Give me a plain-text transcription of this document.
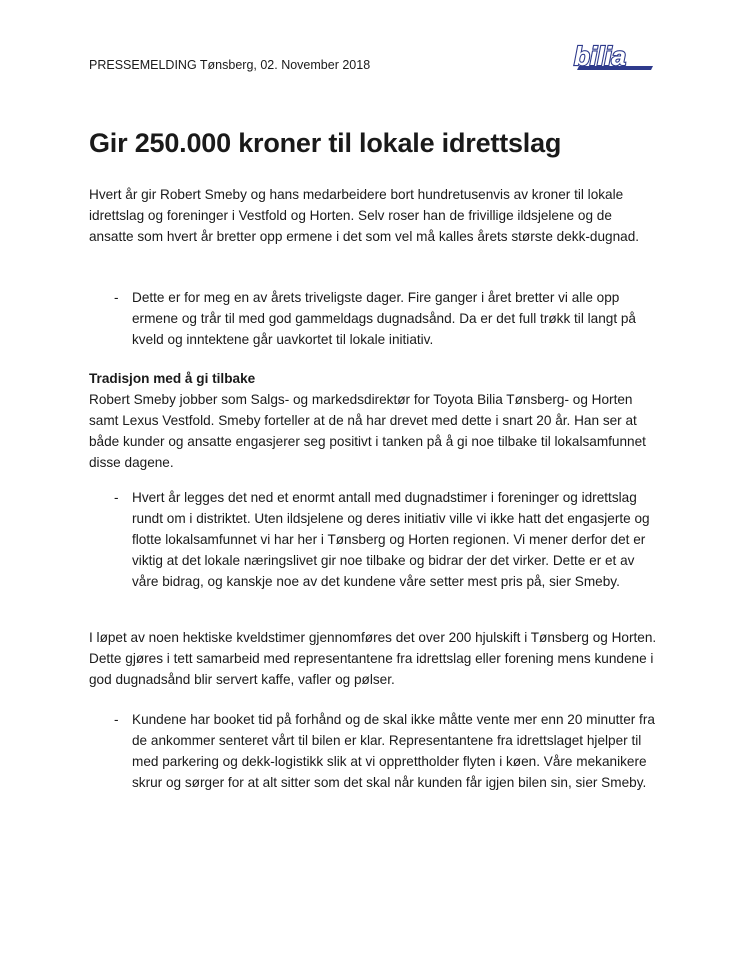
PRESSEMELDING Tønsberg, 02. November 2018	bilia
Gir 250.000 kroner til lokale idrettslag

Hvert år gir Robert Smeby og hans medarbeidere bort hundretusenvis av kroner til lokale idrettslag og foreninger i Vestfold og Horten. Selv roser han de frivillige ildsjelene og de ansatte som hvert år bretter opp ermene i det som vel må kalles årets største dekk-dugnad.

- Dette er for meg en av årets triveligste dager. Fire ganger i året bretter vi alle opp ermene og trår til med god gammeldags dugnadsånd. Da er det full trøkk til langt på kveld og inntektene går uavkortet til lokale initiativ.
Tradisjon med å gi tilbake

Robert Smeby jobber som Salgs- og markedsdirektør for Toyota Bilia Tønsberg- og Horten samt Lexus Vestfold. Smeby forteller at de nå har drevet med dette i snart 20 år. Han ser at både kunder og ansatte engasjerer seg positivt i tanken på å gi noe tilbake til lokalsamfunnet disse dagene.

- Hvert år legges det ned et enormt antall med dugnadstimer i foreninger og idrettslag rundt om i distriktet. Uten ildsjelene og deres initiativ ville vi ikke hatt det engasjerte og flotte lokalsamfunnet vi har her i Tønsberg og Horten regionen. Vi mener derfor det er viktig at det lokale næringslivet gir noe tilbake og bidrar der det virker. Dette er et av våre bidrag, og kanskje noe av det kundene våre setter mest pris på, sier Smeby.

I løpet av noen hektiske kveldstimer gjennomføres det over 200 hjulskift i Tønsberg og Horten. Dette gjøres i tett samarbeid med representantene fra idrettslag eller forening mens kundene i god dugnadsånd blir servert kaffe, vafler og pølser.

- Kundene har booket tid på forhånd og de skal ikke måtte vente mer enn 20 minutter fra de ankommer senteret vårt til bilen er klar. Representantene fra idrettslaget hjelper til med parkering og dekk-logistikk slik at vi opprettholder flyten i køen. Våre mekanikere skrur og sørger for at alt sitter som det skal når kunden får igjen bilen sin, sier Smeby.
